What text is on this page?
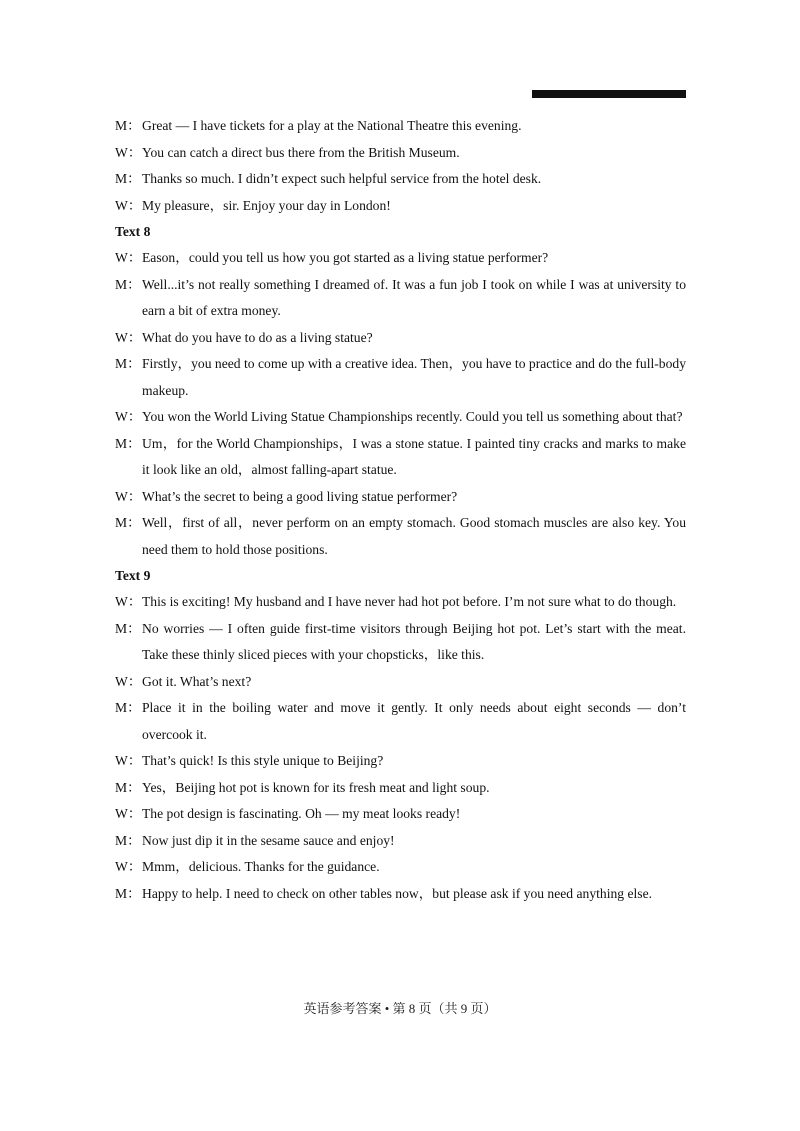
M：Great — I have tickets for a play at the National Theatre this evening.

W：You can catch a direct bus there from the British Museum.

M：Thanks so much. I didn’t expect such helpful service from the hotel desk.

W：My pleasure，sir. Enjoy your day in London!

Text 8

W：Eason，could you tell us how you got started as a living statue performer?

M：Well...it’s not really something I dreamed of. It was a fun job I took on while I was at university to earn a bit of extra money.

W：What do you have to do as a living statue?

M：Firstly，you need to come up with a creative idea. Then，you have to practice and do the full-body makeup.

W：You won the World Living Statue Championships recently. Could you tell us something about that?

M：Um，for the World Championships，I was a stone statue. I painted tiny cracks and marks to make it look like an old，almost falling-apart statue.

W：What’s the secret to being a good living statue performer?

M：Well，first of all，never perform on an empty stomach. Good stomach muscles are also key. You need them to hold those positions.

Text 9

W：This is exciting! My husband and I have never had hot pot before. I’m not sure what to do though.

M：No worries — I often guide first-time visitors through Beijing hot pot. Let’s start with the meat. Take these thinly sliced pieces with your chopsticks，like this.

W：Got it. What’s next?

M：Place it in the boiling water and move it gently. It only needs about eight seconds — don’t overcook it.

W：That’s quick! Is this style unique to Beijing?

M：Yes，Beijing hot pot is known for its fresh meat and light soup.

W：The pot design is fascinating. Oh — my meat looks ready!

M：Now just dip it in the sesame sauce and enjoy!

W：Mmm，delicious. Thanks for the guidance.

M：Happy to help. I need to check on other tables now，but please ask if you need anything else.

英语参考答案 • 第 8 页（共 9 页）
